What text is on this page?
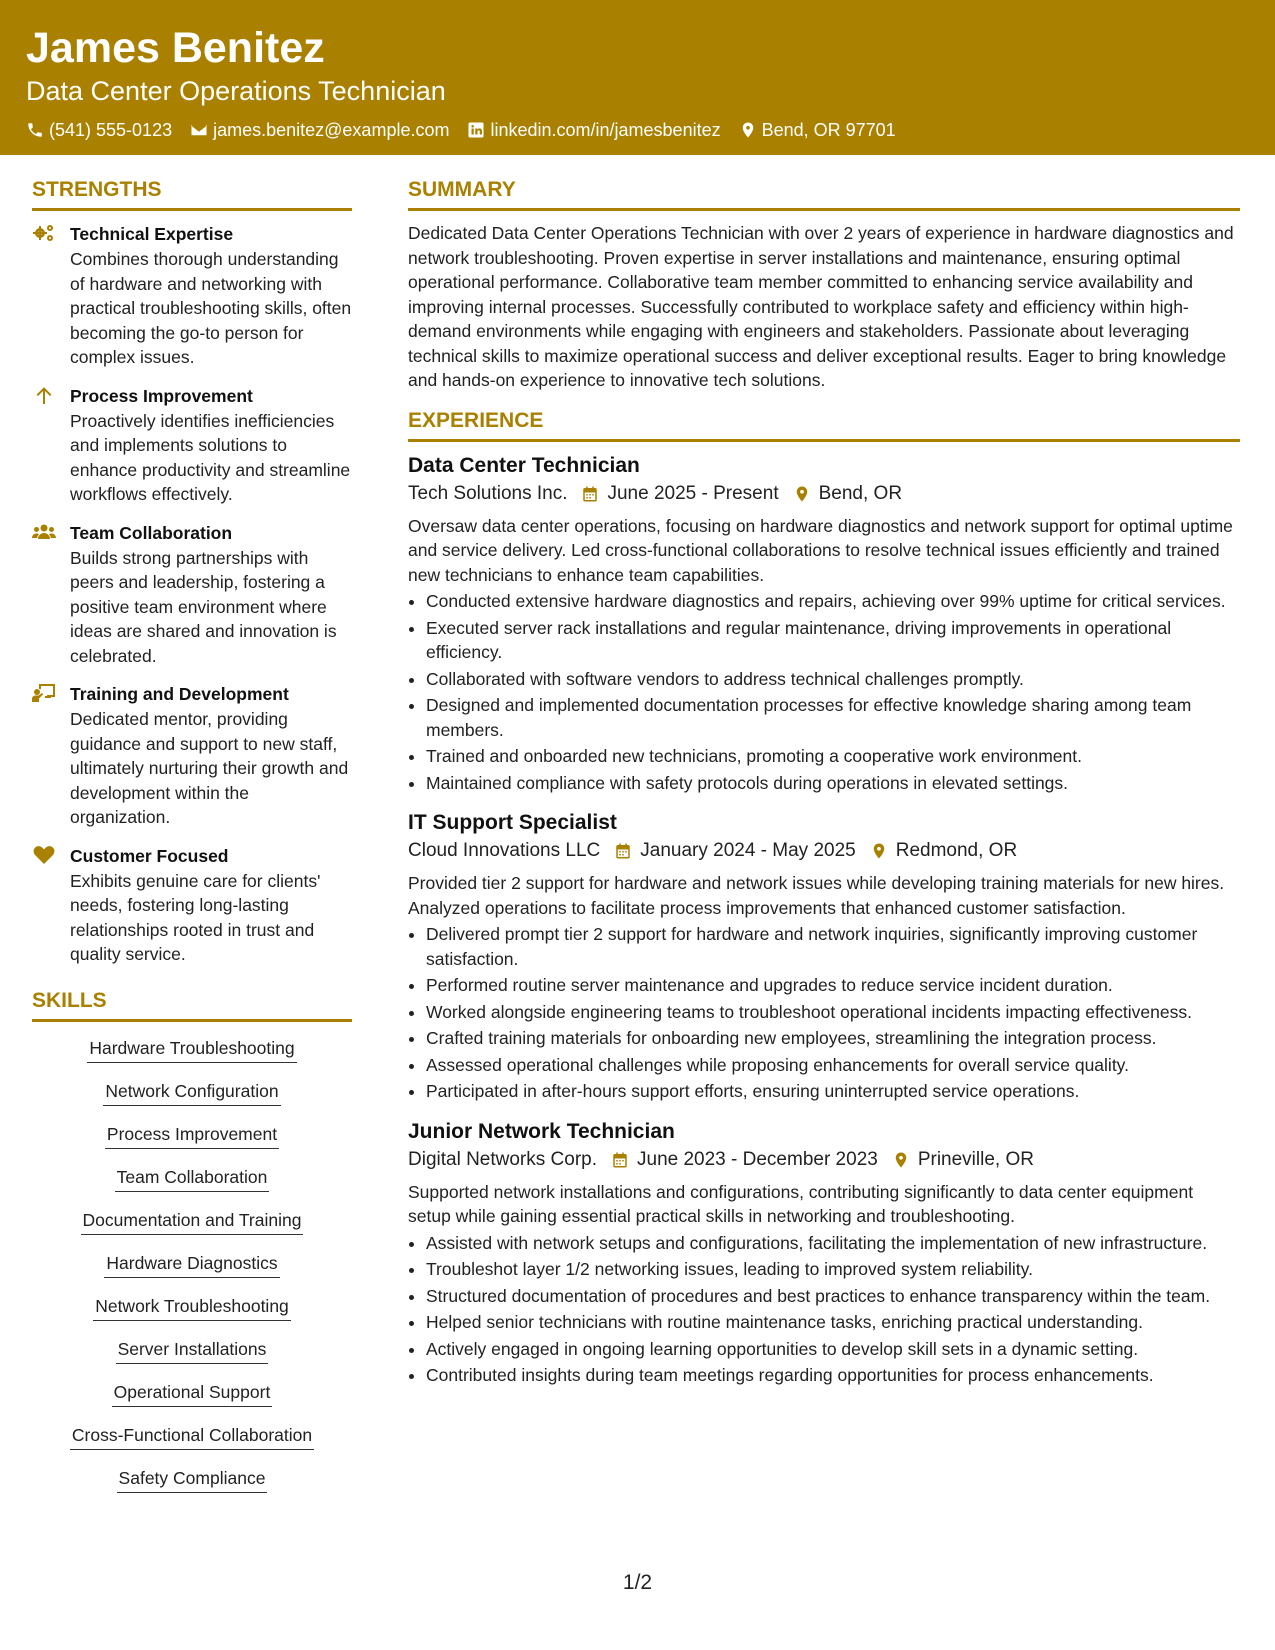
James Benitez
Data Center Operations Technician
(541) 555-0123 james.benitez@example.com linkedin.com/in/jamesbenitez Bend, OR 97701
STRENGTHS
Technical Expertise
Combines thorough understanding of hardware and networking with practical troubleshooting skills, often becoming the go-to person for complex issues.
Process Improvement
Proactively identifies inefficiencies and implements solutions to enhance productivity and streamline workflows effectively.
Team Collaboration
Builds strong partnerships with peers and leadership, fostering a positive team environment where ideas are shared and innovation is celebrated.
Training and Development
Dedicated mentor, providing guidance and support to new staff, ultimately nurturing their growth and development within the organization.
Customer Focused
Exhibits genuine care for clients' needs, fostering long-lasting relationships rooted in trust and quality service.
SKILLS
Hardware Troubleshooting
Network Configuration
Process Improvement
Team Collaboration
Documentation and Training
Hardware Diagnostics
Network Troubleshooting
Server Installations
Operational Support
Cross-Functional Collaboration
Safety Compliance
SUMMARY
Dedicated Data Center Operations Technician with over 2 years of experience in hardware diagnostics and network troubleshooting. Proven expertise in server installations and maintenance, ensuring optimal operational performance. Collaborative team member committed to enhancing service availability and improving internal processes. Successfully contributed to workplace safety and efficiency within high-demand environments while engaging with engineers and stakeholders. Passionate about leveraging technical skills to maximize operational success and deliver exceptional results. Eager to bring knowledge and hands-on experience to innovative tech solutions.
EXPERIENCE
Data Center Technician
Tech Solutions Inc. June 2025 - Present Bend, OR
Oversaw data center operations, focusing on hardware diagnostics and network support for optimal uptime and service delivery. Led cross-functional collaborations to resolve technical issues efficiently and trained new technicians to enhance team capabilities.
• Conducted extensive hardware diagnostics and repairs, achieving over 99% uptime for critical services.
• Executed server rack installations and regular maintenance, driving improvements in operational efficiency.
• Collaborated with software vendors to address technical challenges promptly.
• Designed and implemented documentation processes for effective knowledge sharing among team members.
• Trained and onboarded new technicians, promoting a cooperative work environment.
• Maintained compliance with safety protocols during operations in elevated settings.
IT Support Specialist
Cloud Innovations LLC January 2024 - May 2025 Redmond, OR
Provided tier 2 support for hardware and network issues while developing training materials for new hires. Analyzed operations to facilitate process improvements that enhanced customer satisfaction.
• Delivered prompt tier 2 support for hardware and network inquiries, significantly improving customer satisfaction.
• Performed routine server maintenance and upgrades to reduce service incident duration.
• Worked alongside engineering teams to troubleshoot operational incidents impacting effectiveness.
• Crafted training materials for onboarding new employees, streamlining the integration process.
• Assessed operational challenges while proposing enhancements for overall service quality.
• Participated in after-hours support efforts, ensuring uninterrupted service operations.
Junior Network Technician
Digital Networks Corp. June 2023 - December 2023 Prineville, OR
Supported network installations and configurations, contributing significantly to data center equipment setup while gaining essential practical skills in networking and troubleshooting.
• Assisted with network setups and configurations, facilitating the implementation of new infrastructure.
• Troubleshot layer 1/2 networking issues, leading to improved system reliability.
• Structured documentation of procedures and best practices to enhance transparency within the team.
• Helped senior technicians with routine maintenance tasks, enriching practical understanding.
• Actively engaged in ongoing learning opportunities to develop skill sets in a dynamic setting.
• Contributed insights during team meetings regarding opportunities for process enhancements.
1/2
